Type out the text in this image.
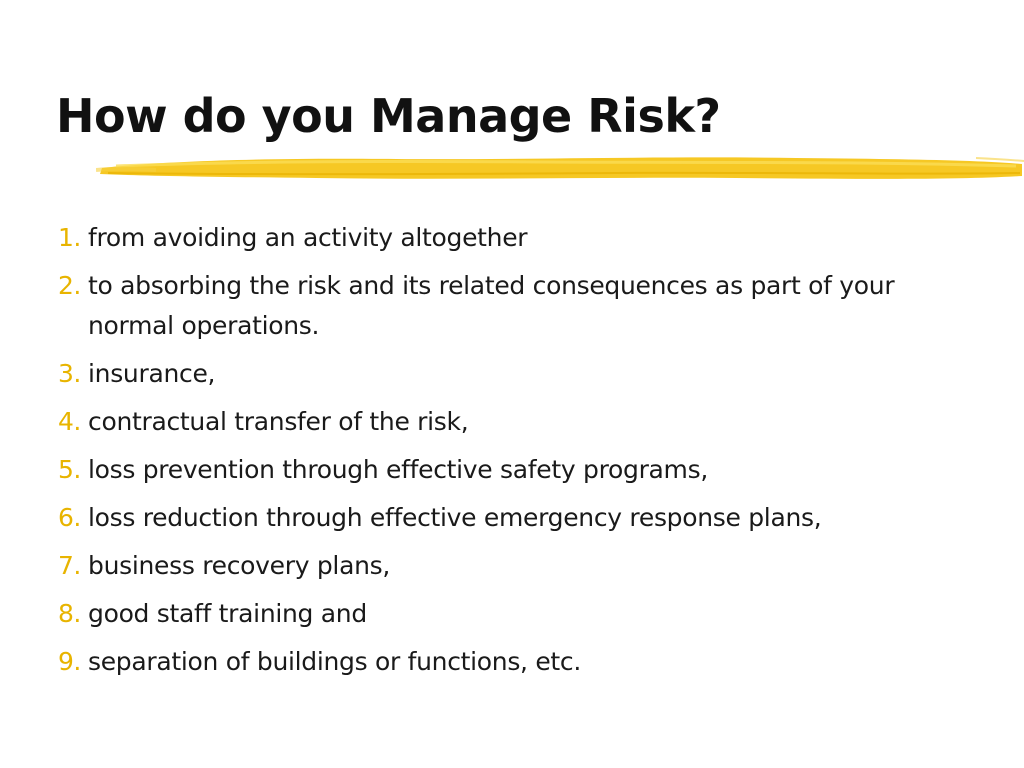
How do you Manage Risk?
1. from avoiding an activity altogether
2. to absorbing the risk and its related consequences as part of your normal operations.
3. insurance,
4. contractual transfer of the risk,
5. loss prevention through effective safety programs,
6. loss reduction through effective emergency response plans,
7. business recovery plans,
8. good staff training and
9. separation of buildings or functions, etc.
